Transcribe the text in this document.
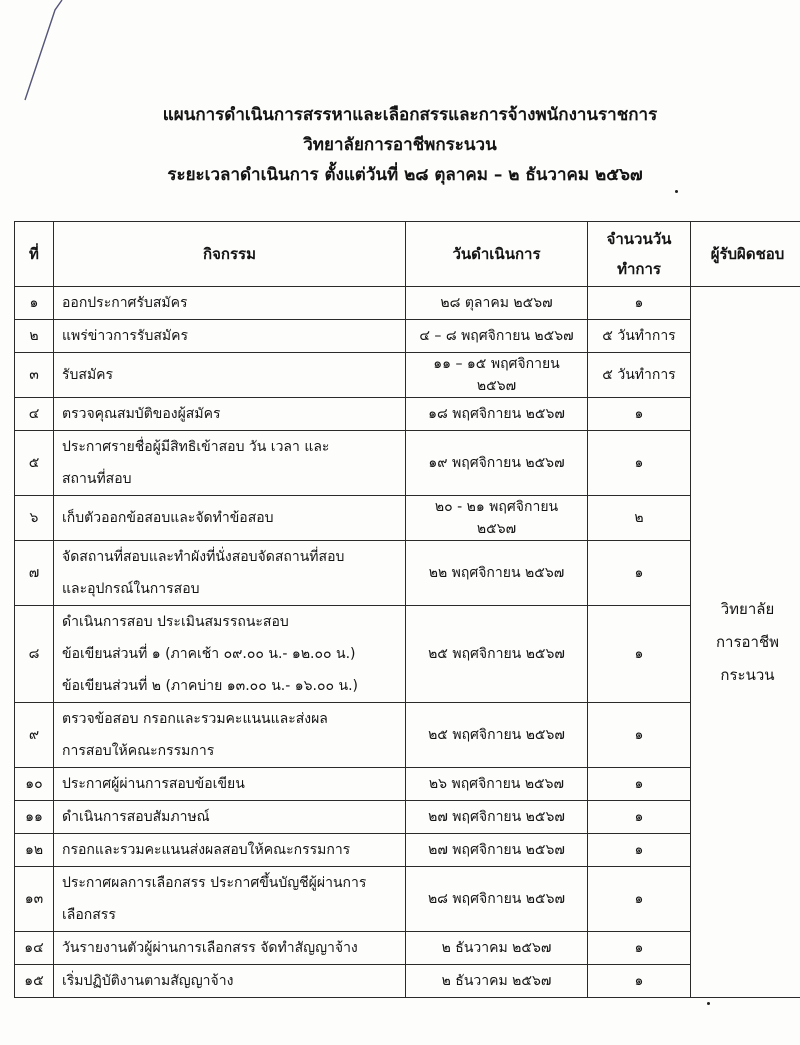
แผนการดำเนินการสรรหาและเลือกสรรและการจ้างพนักงานราชการ
วิทยาลัยการอาชีพกระนวน
ระยะเวลาดำเนินการ ตั้งแต่วันที่ ๒๘ ตุลาคม – ๒ ธันวาคม ๒๕๖๗
ที่	กิจกรรม	วันดำเนินการ	จำนวนวัน
ทำการ	ผู้รับผิดชอบ
๑	ออกประกาศรับสมัคร	๒๘ ตุลาคม ๒๕๖๗	๑	วิทยาลัย
การอาชีพ
กระนวน

๒	แพร่ข่าวการรับสมัคร	๔ – ๘ พฤศจิกายน ๒๕๖๗	๕ วันทำการ	
๓	รับสมัคร	๑๑ – ๑๕ พฤศจิกายน ๒๕๖๗	๕ วันทำการ	
๔	ตรวจคุณสมบัติของผู้สมัคร	๑๘ พฤศจิกายน ๒๕๖๗	๑	
๕	ประกาศรายชื่อผู้มีสิทธิเข้าสอบ วัน เวลา และ
สถานที่สอบ	๑๙ พฤศจิกายน ๒๕๖๗	๑	
๖	เก็บตัวออกข้อสอบและจัดทำข้อสอบ	๒๐ - ๒๑ พฤศจิกายน ๒๕๖๗	๒	
๗	จัดสถานที่สอบและทำผังที่นั่งสอบจัดสถานที่สอบ
และอุปกรณ์ในการสอบ	๒๒ พฤศจิกายน ๒๕๖๗	๑	
๘	ดำเนินการสอบ ประเมินสมรรถนะสอบ
ข้อเขียนส่วนที่ ๑ (ภาคเช้า ๐๙.๐๐ น.- ๑๒.๐๐ น.)
ข้อเขียนส่วนที่ ๒ (ภาคบ่าย ๑๓.๐๐ น.- ๑๖.๐๐ น.)	๒๕ พฤศจิกายน ๒๕๖๗	๑	
๙	ตรวจข้อสอบ กรอกและรวมคะแนนและส่งผล
การสอบให้คณะกรรมการ	๒๕ พฤศจิกายน ๒๕๖๗	๑	
๑๐	ประกาศผู้ผ่านการสอบข้อเขียน	๒๖ พฤศจิกายน ๒๕๖๗	๑	
๑๑	ดำเนินการสอบสัมภาษณ์	๒๗ พฤศจิกายน ๒๕๖๗	๑	
๑๒	กรอกและรวมคะแนนส่งผลสอบให้คณะกรรมการ	๒๗ พฤศจิกายน ๒๕๖๗	๑	
๑๓	ประกาศผลการเลือกสรร ประกาศขึ้นบัญชีผู้ผ่านการ
เลือกสรร	๒๘ พฤศจิกายน ๒๕๖๗	๑	
๑๔	วันรายงานตัวผู้ผ่านการเลือกสรร จัดทำสัญญาจ้าง	๒ ธันวาคม ๒๕๖๗	๑	
๑๕	เริ่มปฏิบัติงานตามสัญญาจ้าง	๒ ธันวาคม ๒๕๖๗	๑	
